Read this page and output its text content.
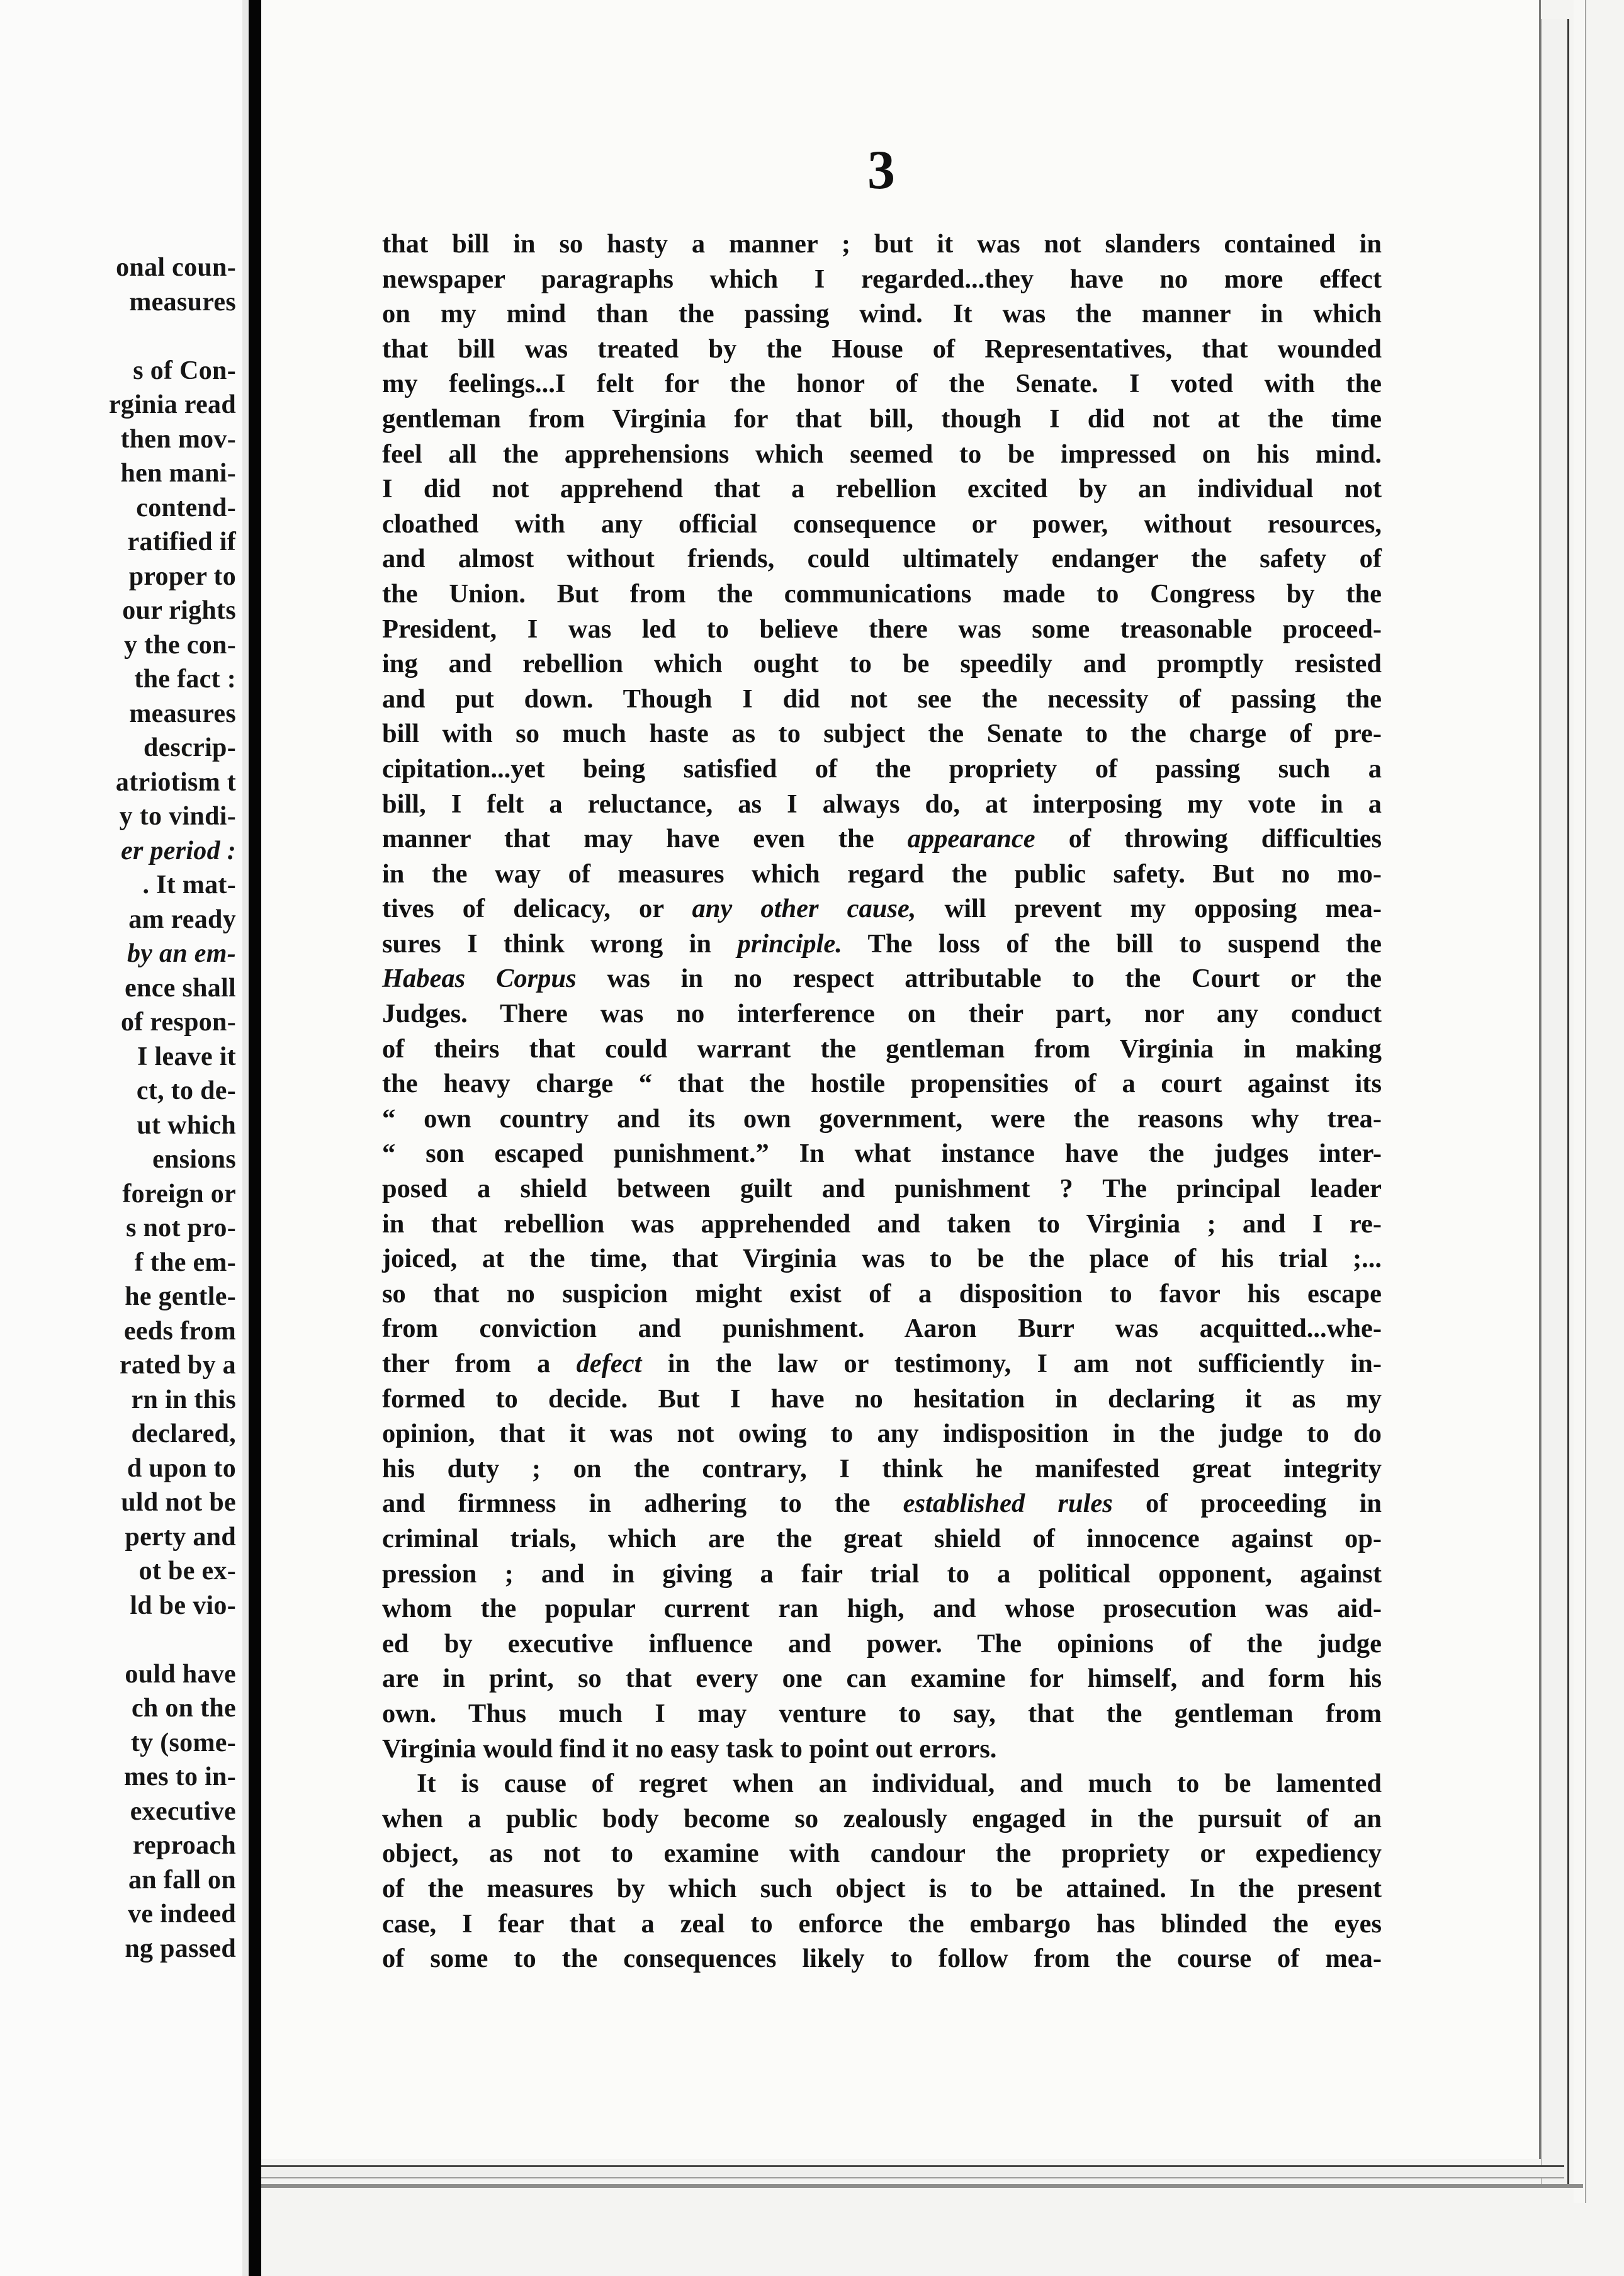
onal coun-
measures

s of Con-
rginia read
then mov-
hen mani-
contend-
ratified if
proper to
our rights
y the con-
the fact :
measures
descrip-
atriotism t
y to vindi-
er period :
. It mat-
am ready
by an em-
ence shall
of respon-
I leave it
ct, to de-
ut which
ensions
foreign or
s not pro-
f the em-
he gentle-
eeds from
rated by a
rn in this
declared,
d upon to
uld not be
perty and
ot be ex-
ld be vio-

ould have
ch on the
ty (some-
mes to in-
executive
reproach
an fall on
ve indeed
ng passed
3
that bill in so hasty a manner ; but it was not slanders contained in
newspaper paragraphs which I regarded...they have no more effect
on my mind than the passing wind. It was the manner in which
that bill was treated by the House of Representatives, that wounded
my feelings...I felt for the honor of the Senate. I voted with the
gentleman from Virginia for that bill, though I did not at the time
feel all the apprehensions which seemed to be impressed on his mind.
I did not apprehend that a rebellion excited by an individual not
cloathed with any official consequence or power, without resources,
and almost without friends, could ultimately endanger the safety of
the Union. But from the communications made to Congress by the
President, I was led to believe there was some treasonable proceed-
ing and rebellion which ought to be speedily and promptly resisted
and put down. Though I did not see the necessity of passing the
bill with so much haste as to subject the Senate to the charge of pre-
cipitation...yet being satisfied of the propriety of passing such a
bill, I felt a reluctance, as I always do, at interposing my vote in a
manner that may have even the appearance of throwing difficulties
in the way of measures which regard the public safety. But no mo-
tives of delicacy, or any other cause, will prevent my opposing mea-
sures I think wrong in principle. The loss of the bill to suspend the
Habeas Corpus was in no respect attributable to the Court or the
Judges. There was no interference on their part, nor any conduct
of theirs that could warrant the gentleman from Virginia in making
the heavy charge “ that the hostile propensities of a court against its
“ own country and its own government, were the reasons why trea-
“ son escaped punishment.” In what instance have the judges inter-
posed a shield between guilt and punishment ? The principal leader
in that rebellion was apprehended and taken to Virginia ; and I re-
joiced, at the time, that Virginia was to be the place of his trial ;...
so that no suspicion might exist of a disposition to favor his escape
from conviction and punishment. Aaron Burr was acquitted...whe-
ther from a defect in the law or testimony, I am not sufficiently in-
formed to decide. But I have no hesitation in declaring it as my
opinion, that it was not owing to any indisposition in the judge to do
his duty ; on the contrary, I think he manifested great integrity
and firmness in adhering to the established rules of proceeding in
criminal trials, which are the great shield of innocence against op-
pression ; and in giving a fair trial to a political opponent, against
whom the popular current ran high, and whose prosecution was aid-
ed by executive influence and power. The opinions of the judge
are in print, so that every one can examine for himself, and form his
own. Thus much I may venture to say, that the gentleman from
Virginia would find it no easy task to point out errors.
It is cause of regret when an individual, and much to be lamented
when a public body become so zealously engaged in the pursuit of an
object, as not to examine with candour the propriety or expediency
of the measures by which such object is to be attained. In the present
case, I fear that a zeal to enforce the embargo has blinded the eyes
of some to the consequences likely to follow from the course of mea-
